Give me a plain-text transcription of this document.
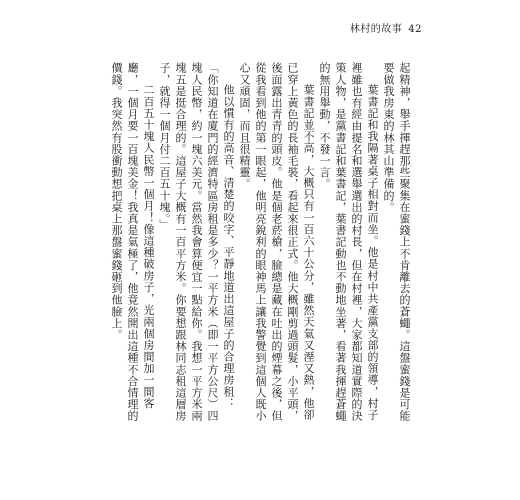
林村的故事 42

起精神，舉手揮趕那些聚集在蜜錢上不肯離去的蒼蠅。這盤蜜錢是可能要做我房東的林其山準備的。

葉書記和我隔著桌子相對而坐。他是村中共產黨支部的領導，村子裡雖也有經由提名和選舉選出的村長，但在村裡，大家都知道實際的決策人物，是黨書記和葉書記，葉書記動也不動地坐著，看著我揮趕蒼蠅的無用舉動，不發一言。

葉書記並不高，大概只有一百六十公分，雖然天氣又溼又熱，他卻已穿上黃色的長袖毛裝，看起來很正式。他大概剛剪過頭髮，小平頭，後面露出青青的頭皮。他是個老菸槍，臉總是藏在吐出的煙幕之後，但從我看到他的第一眼起，他明亮銳利的眼神馬上讓我警覺到這個人既小心又頑固，而且很精靈。

他以慣有的高音、清楚的咬字、平靜地道出這屋子的合理房租：「你知道在廈門的經濟特區房租是多少？一平方米（即一平方公尺）四塊人民幣，約一塊六美元。當然我會算便宜一點給你。我想一平方米兩塊五是挺合理的。這屋子大概有一百平方米。你要想跟林同志租這層房子，就得一個月付二百五十塊。」

二百五十塊人民幣一個月！像這種破房子，光兩個房間加一間客廳，一個月要一百塊美金！我真是氣極了，他竟然開出這種不合情理的價錢。我突然有股衝動想把桌上那盤蜜錢砸到他臉上。
